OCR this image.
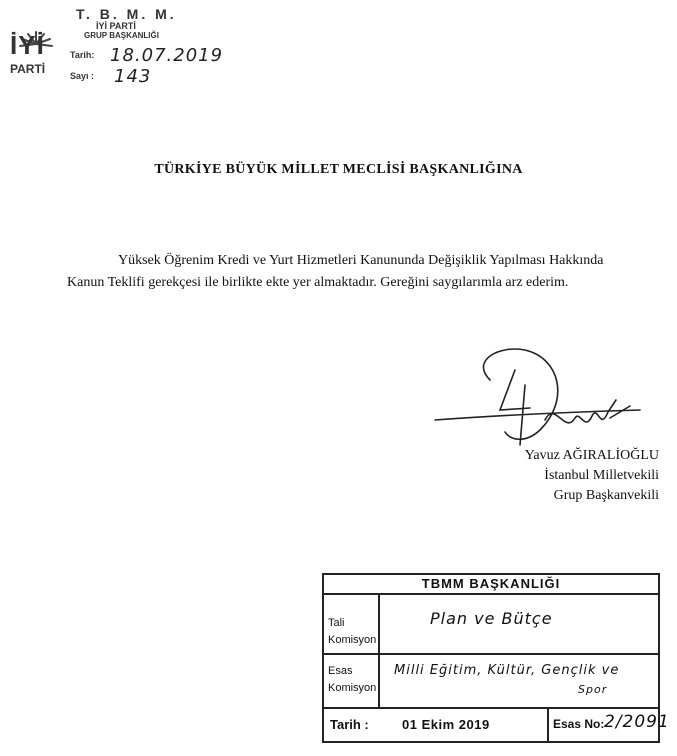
İYİ
PARTİ
T. B. M. M.
İYİ PARTİ
GRUP BAŞKANLIĞI
Tarih: 18.07.2019
Sayı : 143
TÜRKİYE BÜYÜK MİLLET MECLİSİ BAŞKANLIĞINA
Yüksek Öğrenim Kredi ve Yurt Hizmetleri Kanununda Değişiklik Yapılması Hakkında
Kanun Teklifi gerekçesi ile birlikte ekte yer almaktadır. Gereğini saygılarımla arz ederim.
Yavuz AĞIRALİOĞLU
İstanbul Milletvekili
Grup Başkanvekili
TBMM BAŞKANLIĞI
Tali
Komisyon
Plan ve Bütçe
Esas
Komisyon
Milli Eğitim, Kültür, Gençlik ve
Spor
Tarih :	01 Ekim 2019	Esas No: 2/2091
